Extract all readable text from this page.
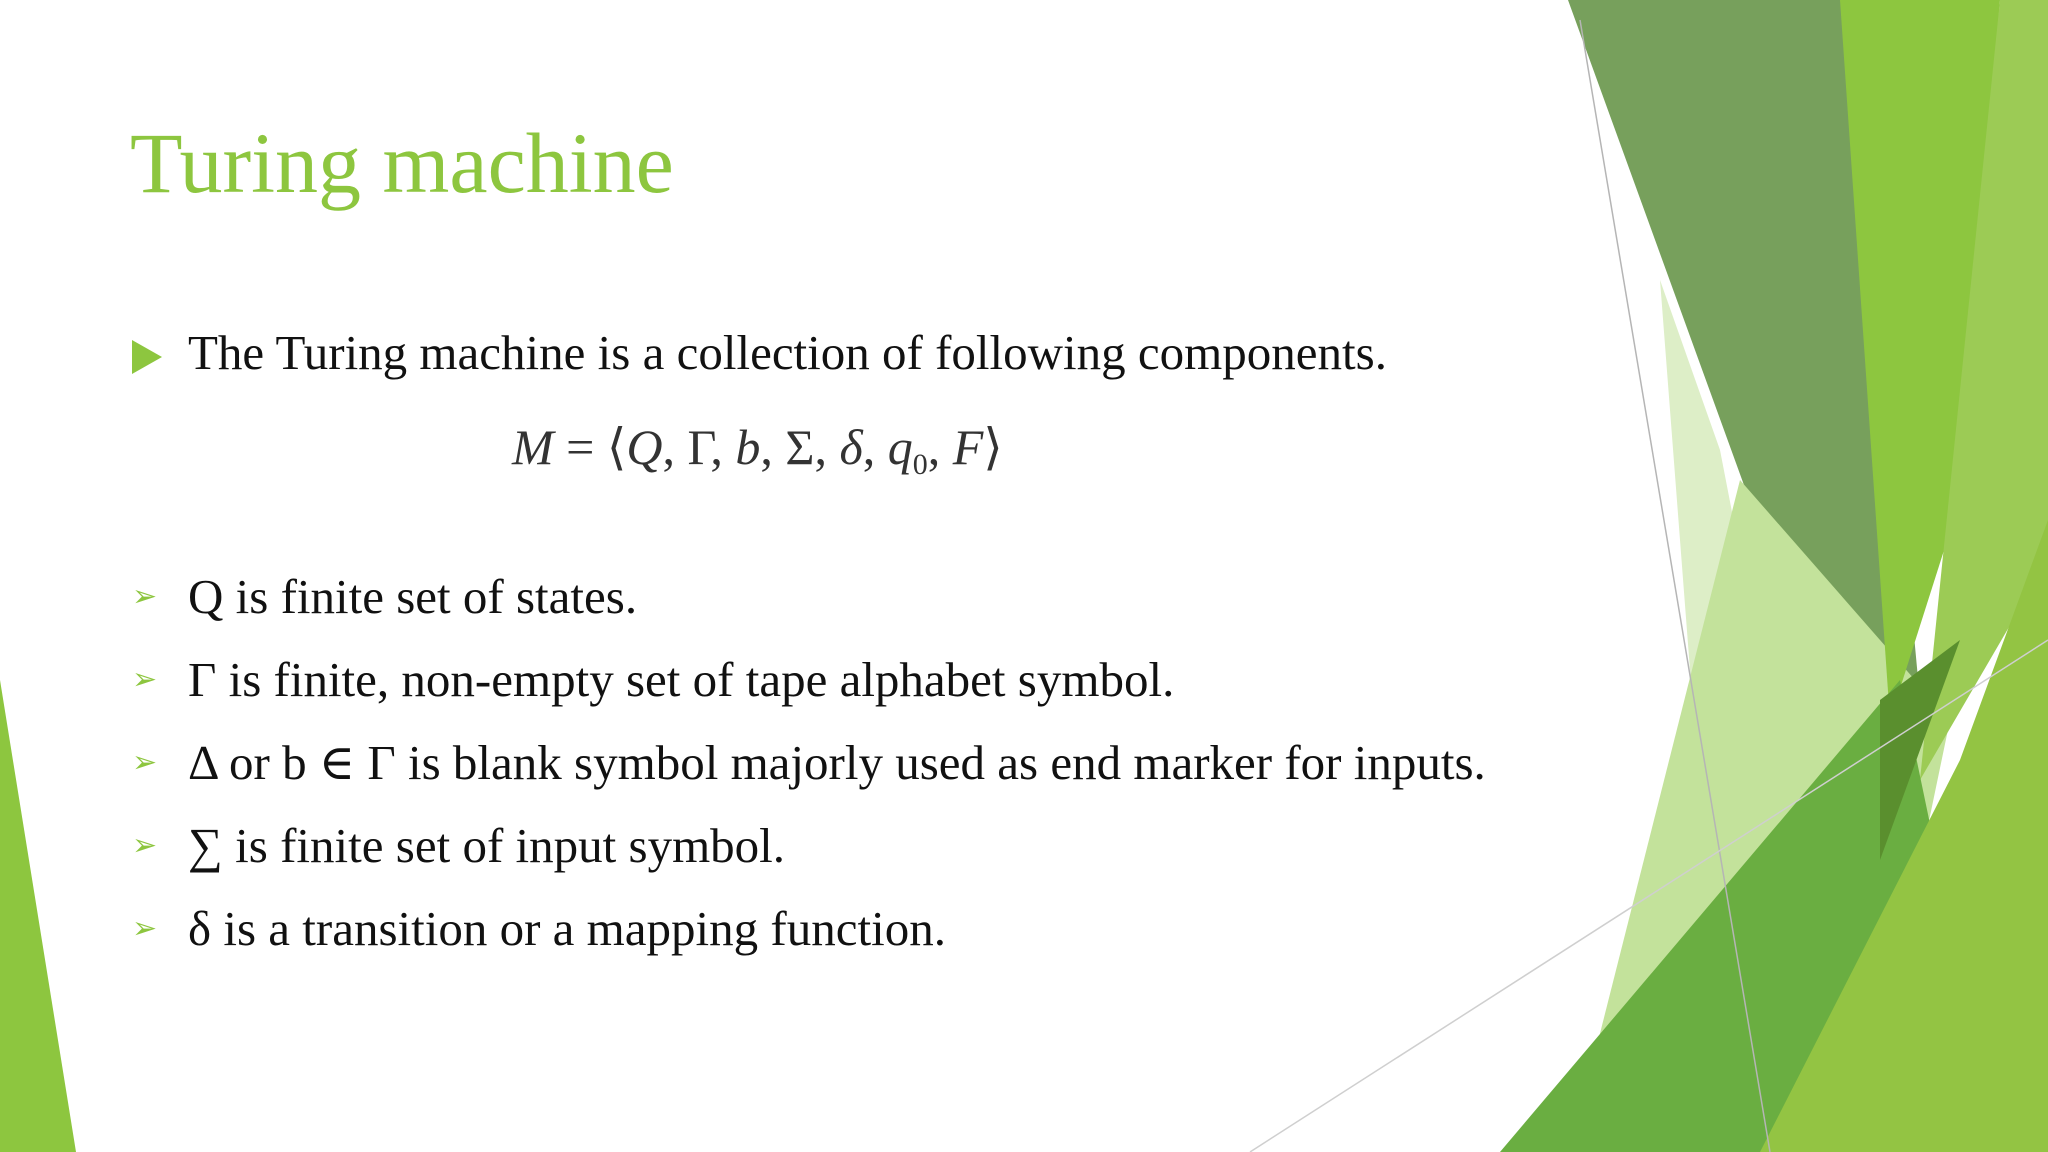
Turing machine
The Turing machine is a collection of following components.
M = ⟨Q, Γ, b, Σ, δ, $q_0$, F⟩
➢ Q is finite set of states.
➢ Γ is finite, non-empty set of tape alphabet symbol.
➢ Δ or b ∈ Γ is blank symbol majorly used as end marker for inputs.
➢ ∑ is finite set of input symbol.
➢ δ is a transition or a mapping function.
